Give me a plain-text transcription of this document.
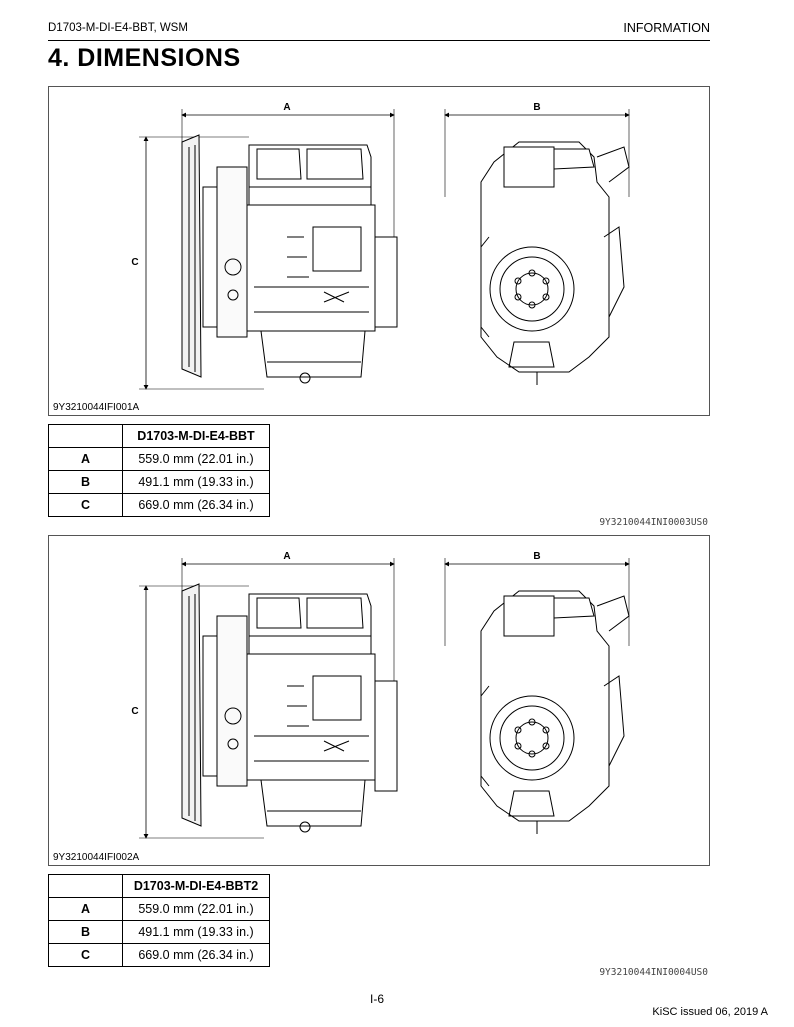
D1703-M-DI-E4-BBT, WSM	INFORMATION
4. DIMENSIONS
A	B
C
9Y3210044IFI001A
	D1703-M-DI-E4-BBT
A	559.0 mm (22.01 in.)
B	491.1 mm (19.33 in.)
C	669.0 mm (26.34 in.)
9Y3210044INI0003US0
A	B
C
9Y3210044IFI002A
	D1703-M-DI-E4-BBT2
A	559.0 mm (22.01 in.)
B	491.1 mm (19.33 in.)
C	669.0 mm (26.34 in.)
9Y3210044INI0004US0
I-6
KiSC issued 06, 2019 A
